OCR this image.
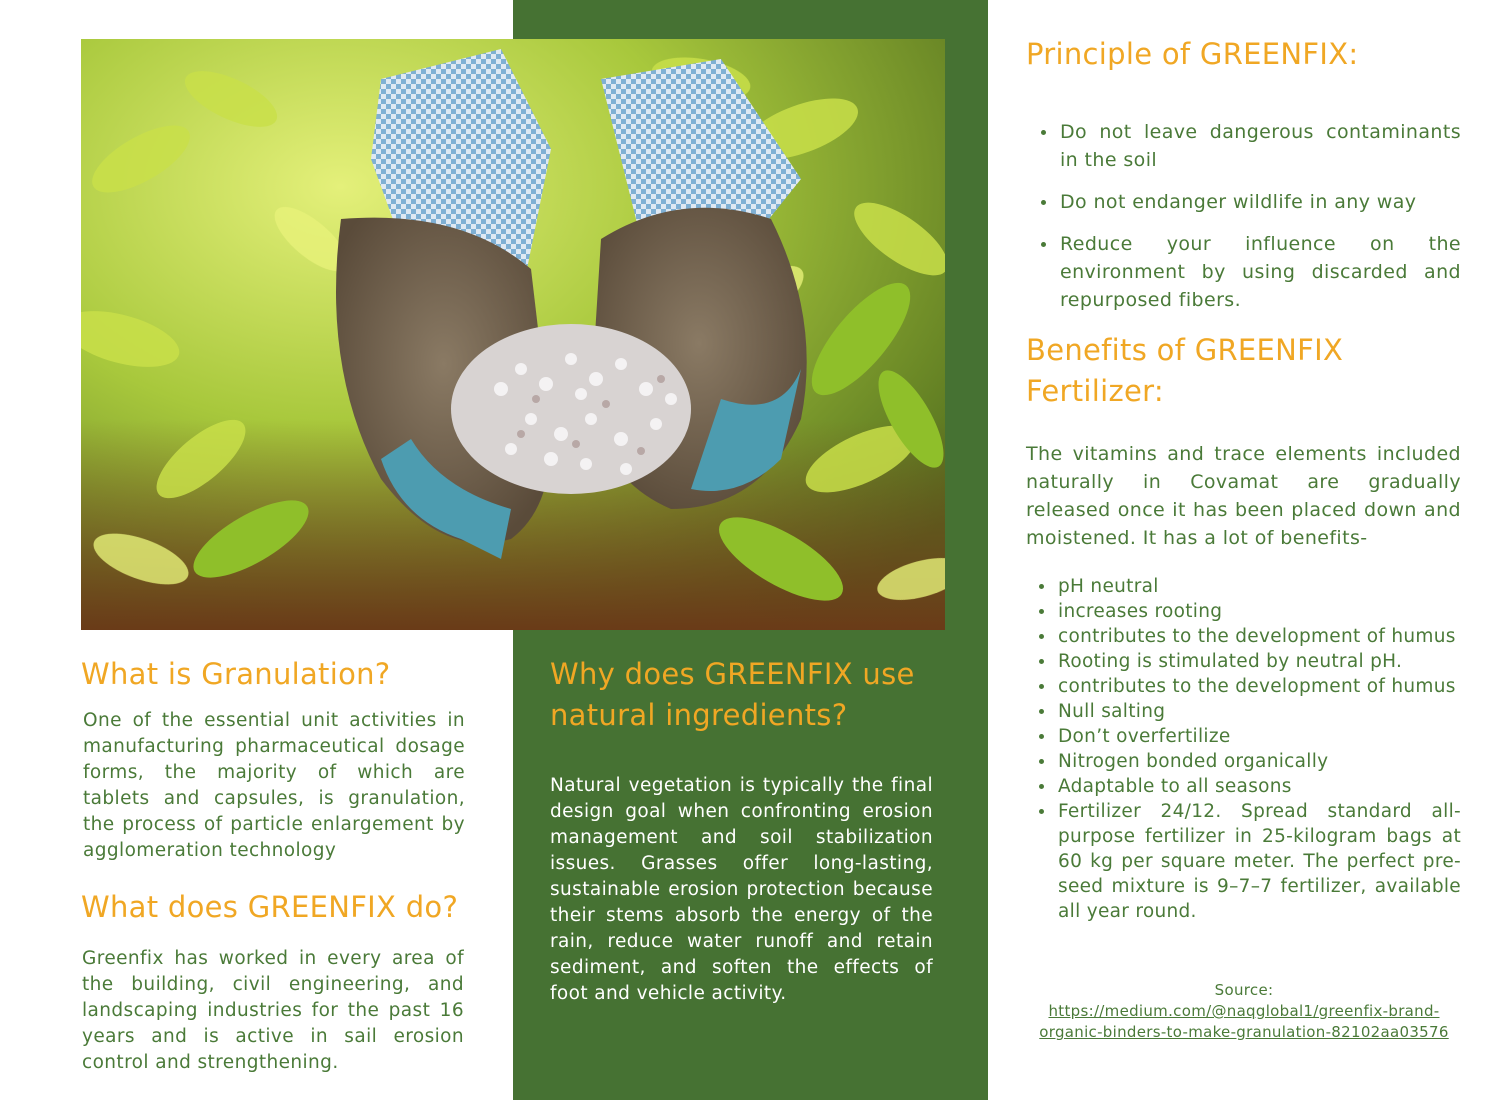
What is Granulation?

One of the essential unit activities in manufacturing pharmaceutical dosage forms, the majority of which are tablets and capsules, is granulation, the process of particle enlargement by agglomeration technology

What does GREENFIX do?

Greenfix has worked in every area of the building, civil engineering, and landscaping industries for the past 16 years and is active in sail erosion control and strengthening.

Why does GREENFIX use natural ingredients?

Natural vegetation is typically the final design goal when confronting erosion management and soil stabilization issues. Grasses offer long-lasting, sustainable erosion protection because their stems absorb the energy of the rain, reduce water runoff and retain sediment, and soften the effects of foot and vehicle activity.

Principle of GREENFIX:
Do not leave dangerous contaminants in the soil
Do not endanger wildlife in any way
Reduce your influence on the environment by using discarded and repurposed fibers.
Benefits of GREENFIX Fertilizer:

The vitamins and trace elements included naturally in Covamat are gradually released once it has been placed down and moistened. It has a lot of benefits-

pH neutral
increases rooting
contributes to the development of humus
Rooting is stimulated by neutral pH.
contributes to the development of humus
Null salting
Don’t overfertilize
Nitrogen bonded organically
Adaptable to all seasons
Fertilizer 24/12. Spread standard all-purpose fertilizer in 25-kilogram bags at 60 kg per square meter. The perfect pre-seed mixture is 9–7–7 fertilizer, available all year round.
Source:
https://medium.com/@naqglobal1/greenfix-brand-organic-binders-to-make-granulation-82102aa03576
